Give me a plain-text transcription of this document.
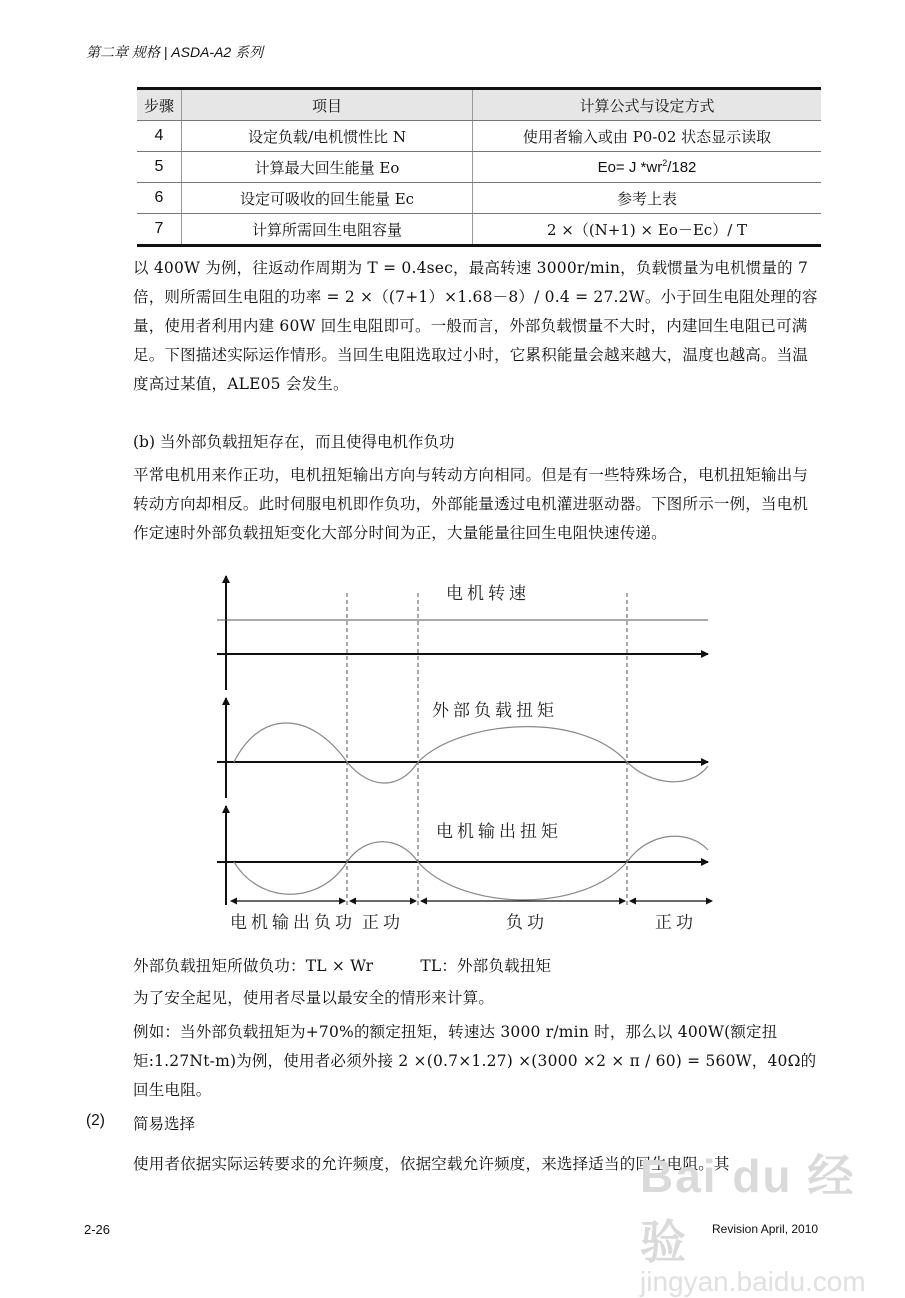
第二章 规格 | ASDA-A2 系列
步骤	项目	计算公式与设定方式
4	设定负载/电机惯性比 N	使用者输入或由 P0-02 状态显示读取
5	计算最大回生能量 Eo	Eo= J $*wr^2/182$
6	设定可吸收的回生能量 Ec	参考上表
7	计算所需回生电阻容量	2 ×（(N+1) × Eo－Ec）/ T
以 400W 为例，往返动作周期为 T = 0.4sec，最高转速 3000r/min，负载惯量为电机惯量的 7 倍，则所需回生电阻的功率 = 2 ×（(7+1）×1.68－8）/ 0.4 = 27.2W。小于回生电阻处理的容量，使用者利用内建 60W 回生电阻即可。一般而言，外部负载惯量不大时，内建回生电阻已可满足。下图描述实际运作情形。当回生电阻选取过小时，它累积能量会越来越大，温度也越高。当温度高过某值，ALE05 会发生。
(b) 当外部负载扭矩存在，而且使得电机作负功
平常电机用来作正功，电机扭矩输出方向与转动方向相同。但是有一些特殊场合，电机扭矩输出与转动方向却相反。此时伺服电机即作负功，外部能量透过电机灌进驱动器。下图所示一例，当电机作定速时外部负载扭矩变化大部分时间为正，大量能量往回生电阻快速传递。
电机转速
外部负载扭矩
电机输出扭矩
电机输出负功 正功	负功	正功
外部负载扭矩所做负功：TL × Wr　　　TL：外部负载扭矩
为了安全起见，使用者尽量以最安全的情形来计算。
例如：当外部负载扭矩为+70%的额定扭矩，转速达 3000 r/min 时，那么以 400W(额定扭矩:1.27Nt-m)为例，使用者必须外接 2 ×(0.7×1.27) ×(3000 ×2 × π / 60) = 560W，40Ω的回生电阻。
(2) 简易选择
使用者依据实际运转要求的允许频度，依据空载允许频度，来选择适当的回生电阻。其
Bai du 经验
jingyan.baidu.com
2-26	Revision April, 2010
